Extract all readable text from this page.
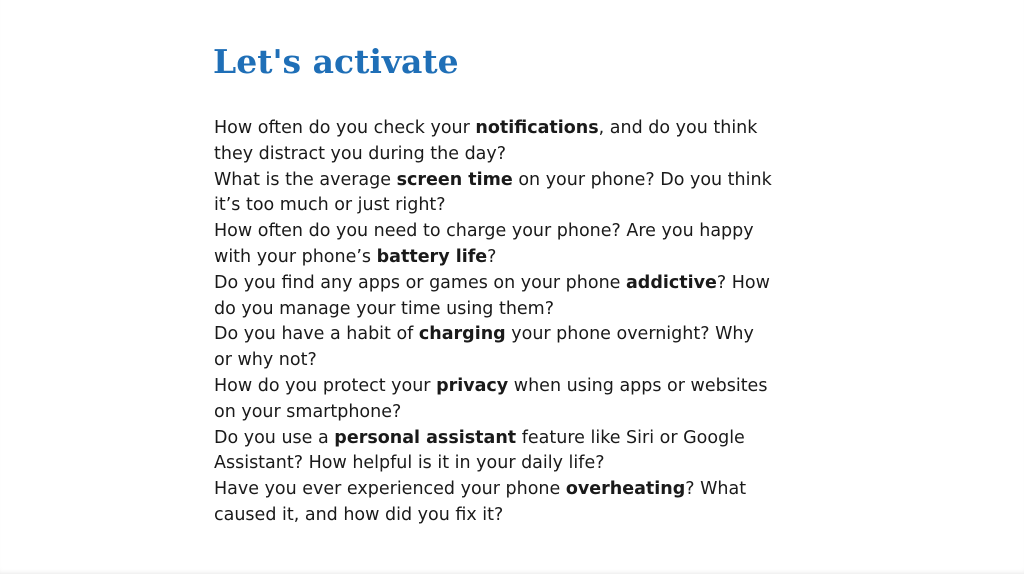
Let's activate

How often do you check your notifications, and do you think they distract you during the day?

What is the average screen time on your phone? Do you think it’s too much or just right?

How often do you need to charge your phone? Are you happy with your phone’s battery life?

Do you find any apps or games on your phone addictive? How do you manage your time using them?

Do you have a habit of charging your phone overnight? Why or why not?

How do you protect your privacy when using apps or websites on your smartphone?

Do you use a personal assistant feature like Siri or Google Assistant? How helpful is it in your daily life?

Have you ever experienced your phone overheating? What caused it, and how did you fix it?
